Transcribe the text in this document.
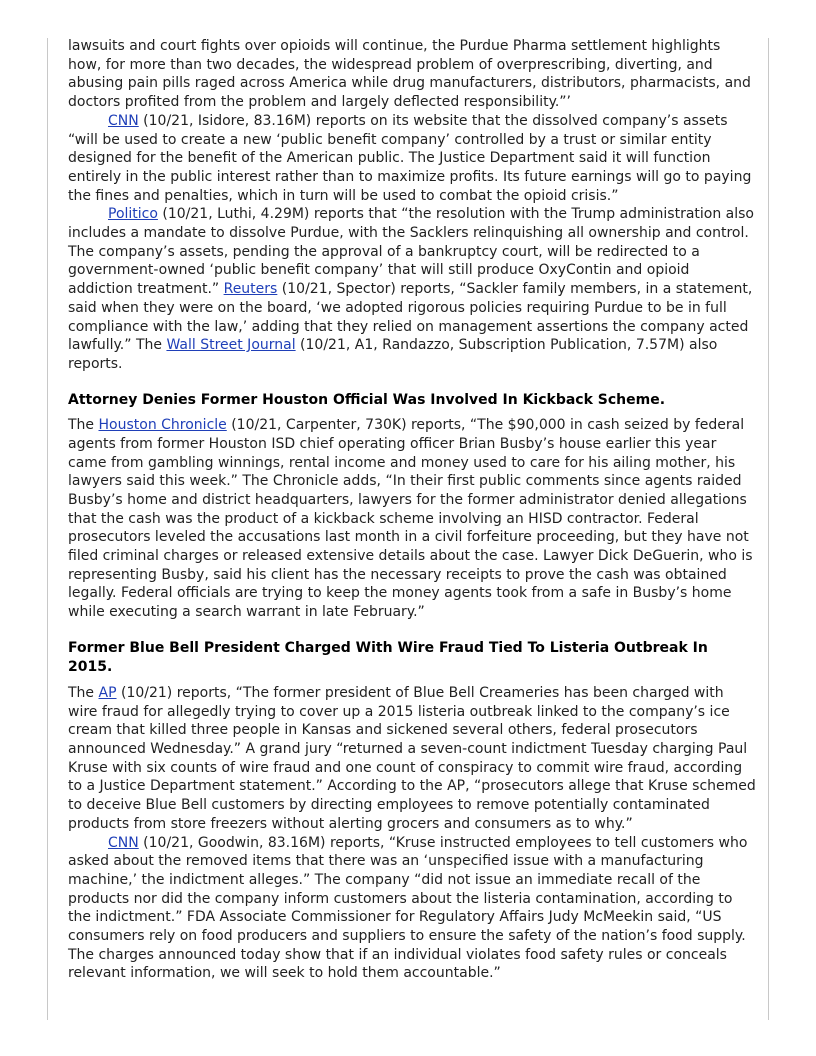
lawsuits and court fights over opioids will continue, the Purdue Pharma settlement highlights how, for more than two decades, the widespread problem of overprescribing, diverting, and abusing pain pills raged across America while drug manufacturers, distributors, pharmacists, and doctors profited from the problem and largely deflected responsibility.”’

CNN (10/21, Isidore, 83.16M) reports on its website that the dissolved company’s assets “will be used to create a new ‘public benefit company’ controlled by a trust or similar entity designed for the benefit of the American public. The Justice Department said it will function entirely in the public interest rather than to maximize profits. Its future earnings will go to paying the fines and penalties, which in turn will be used to combat the opioid crisis.”

Politico (10/21, Luthi, 4.29M) reports that “the resolution with the Trump administration also includes a mandate to dissolve Purdue, with the Sacklers relinquishing all ownership and control. The company’s assets, pending the approval of a bankruptcy court, will be redirected to a government-owned ‘public benefit company’ that will still produce OxyContin and opioid addiction treatment.” Reuters (10/21, Spector) reports, “Sackler family members, in a statement, said when they were on the board, ‘we adopted rigorous policies requiring Purdue to be in full compliance with the law,’ adding that they relied on management assertions the company acted lawfully.” The Wall Street Journal (10/21, A1, Randazzo, Subscription Publication, 7.57M) also reports.

Attorney Denies Former Houston Official Was Involved In Kickback Scheme.

The Houston Chronicle (10/21, Carpenter, 730K) reports, “The $90,000 in cash seized by federal agents from former Houston ISD chief operating officer Brian Busby’s house earlier this year came from gambling winnings, rental income and money used to care for his ailing mother, his lawyers said this week.” The Chronicle adds, “In their first public comments since agents raided Busby’s home and district headquarters, lawyers for the former administrator denied allegations that the cash was the product of a kickback scheme involving an HISD contractor. Federal prosecutors leveled the accusations last month in a civil forfeiture proceeding, but they have not filed criminal charges or released extensive details about the case. Lawyer Dick DeGuerin, who is representing Busby, said his client has the necessary receipts to prove the cash was obtained legally. Federal officials are trying to keep the money agents took from a safe in Busby’s home while executing a search warrant in late February.”

Former Blue Bell President Charged With Wire Fraud Tied To Listeria Outbreak In 2015.

The AP (10/21) reports, “The former president of Blue Bell Creameries has been charged with wire fraud for allegedly trying to cover up a 2015 listeria outbreak linked to the company’s ice cream that killed three people in Kansas and sickened several others, federal prosecutors announced Wednesday.” A grand jury “returned a seven-count indictment Tuesday charging Paul Kruse with six counts of wire fraud and one count of conspiracy to commit wire fraud, according to a Justice Department statement.” According to the AP, “prosecutors allege that Kruse schemed to deceive Blue Bell customers by directing employees to remove potentially contaminated products from store freezers without alerting grocers and consumers as to why.”

CNN (10/21, Goodwin, 83.16M) reports, “Kruse instructed employees to tell customers who asked about the removed items that there was an ‘unspecified issue with a manufacturing machine,’ the indictment alleges.” The company “did not issue an immediate recall of the products nor did the company inform customers about the listeria contamination, according to the indictment.” FDA Associate Commissioner for Regulatory Affairs Judy McMeekin said, “US consumers rely on food producers and suppliers to ensure the safety of the nation’s food supply. The charges announced today show that if an individual violates food safety rules or conceals relevant information, we will seek to hold them accountable.”
